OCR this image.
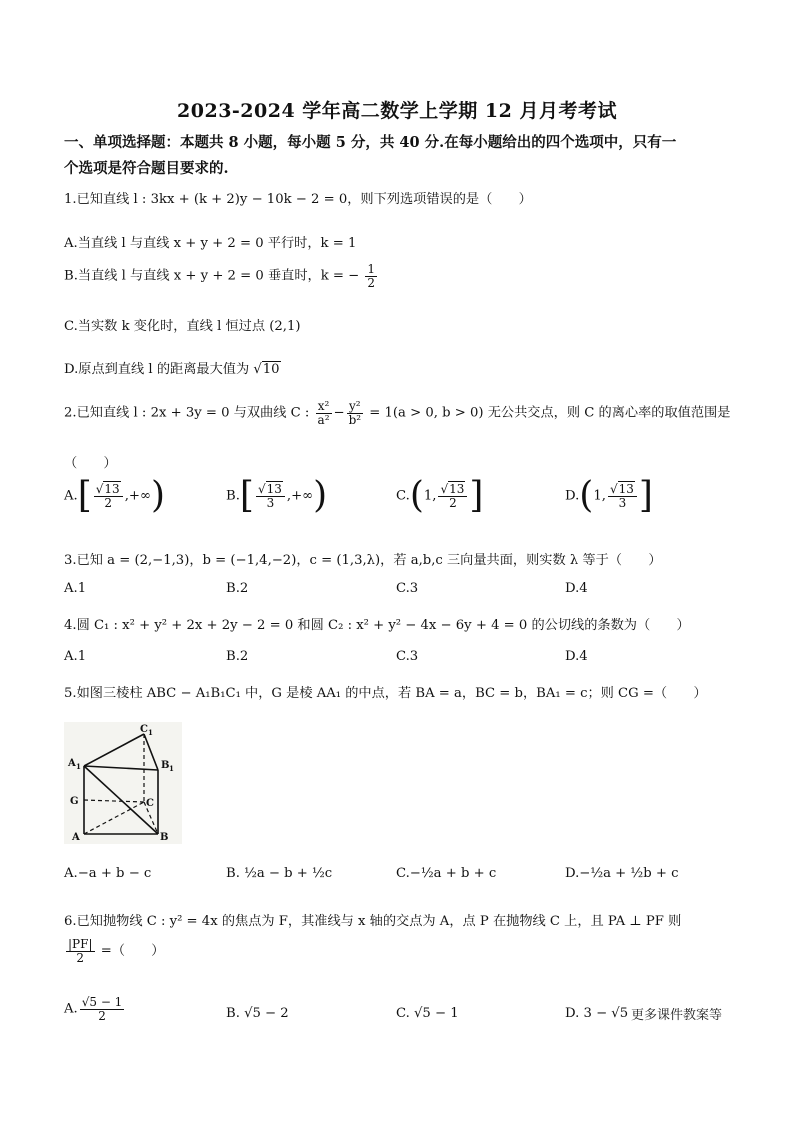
2023-2024 学年高二数学上学期 12 月月考考试
一、单项选择题：本题共 8 小题，每小题 5 分，共 40 分.在每小题给出的四个选项中，只有一
个选项是符合题目要求的.
1.已知直线 l : 3kx + (k + 2)y − 10k − 2 = 0，则下列选项错误的是（　　）
A.当直线 l 与直线 x + y + 2 = 0 平行时，k = 1
B.当直线 l 与直线 x + y + 2 = 0 垂直时，k = − $\frac{1}{2}$
C.当实数 k 变化时，直线 l 恒过点 (2,1)
D.原点到直线 l 的距离最大值为 √10
2.已知直线 l : 2x + 3y = 0 与双曲线 C : $\frac{\text{x²}}{\text{a²}} - \frac{\text{y²}}{\text{b²}} = 1(a > 0$, b > 0) 无公共交点，则 C 的离心率的取值范围是
（　　）
$A.[ \frac{√13}{2}$ ,+∞)	$B.[ \frac{√13}{3}$ ,+∞)	C.(1, $\frac{√13}{2}$ ]	D.(1, $\frac{√13}{3}$ ]
3.已知 a = (2,−1,3)，b = (−1,4,−2)，c = (1,3,λ)，若 a,b,c 三向量共面，则实数 λ 等于（　　）
A.1	B.2	C.3	D.4
4.圆 C₁ : x² + y² + 2x + 2y − 2 = 0 和圆 C₂ : x² + y² − 4x − 6y + 4 = 0 的公切线的条数为（　　）
A.1	B.2	C.3	D.4
5.如图三棱柱 ABC − A₁B₁C₁ 中，G 是棱 AA₁ 的中点，若 BA = a，BC = b，BA₁ = c；则 CG =（　　）
C 1
A 1	B 1
G	C
A	B
A.−a + b − c	B. ½a − b + ½c	C.−½a + b + c	D.−½a + ½b + c
6.已知抛物线 C : y² = 4x 的焦点为 F，其准线与 x 轴的交点为 A，点 P 在抛物线 C 上，且 PA ⊥ PF 则
$\frac{|PF|}{2}$ =（　　）
A. $\frac{√5 - 1}{2}$	B. √5 − 2	C. √5 − 1	D. 3 − √5 更多课件教案等
